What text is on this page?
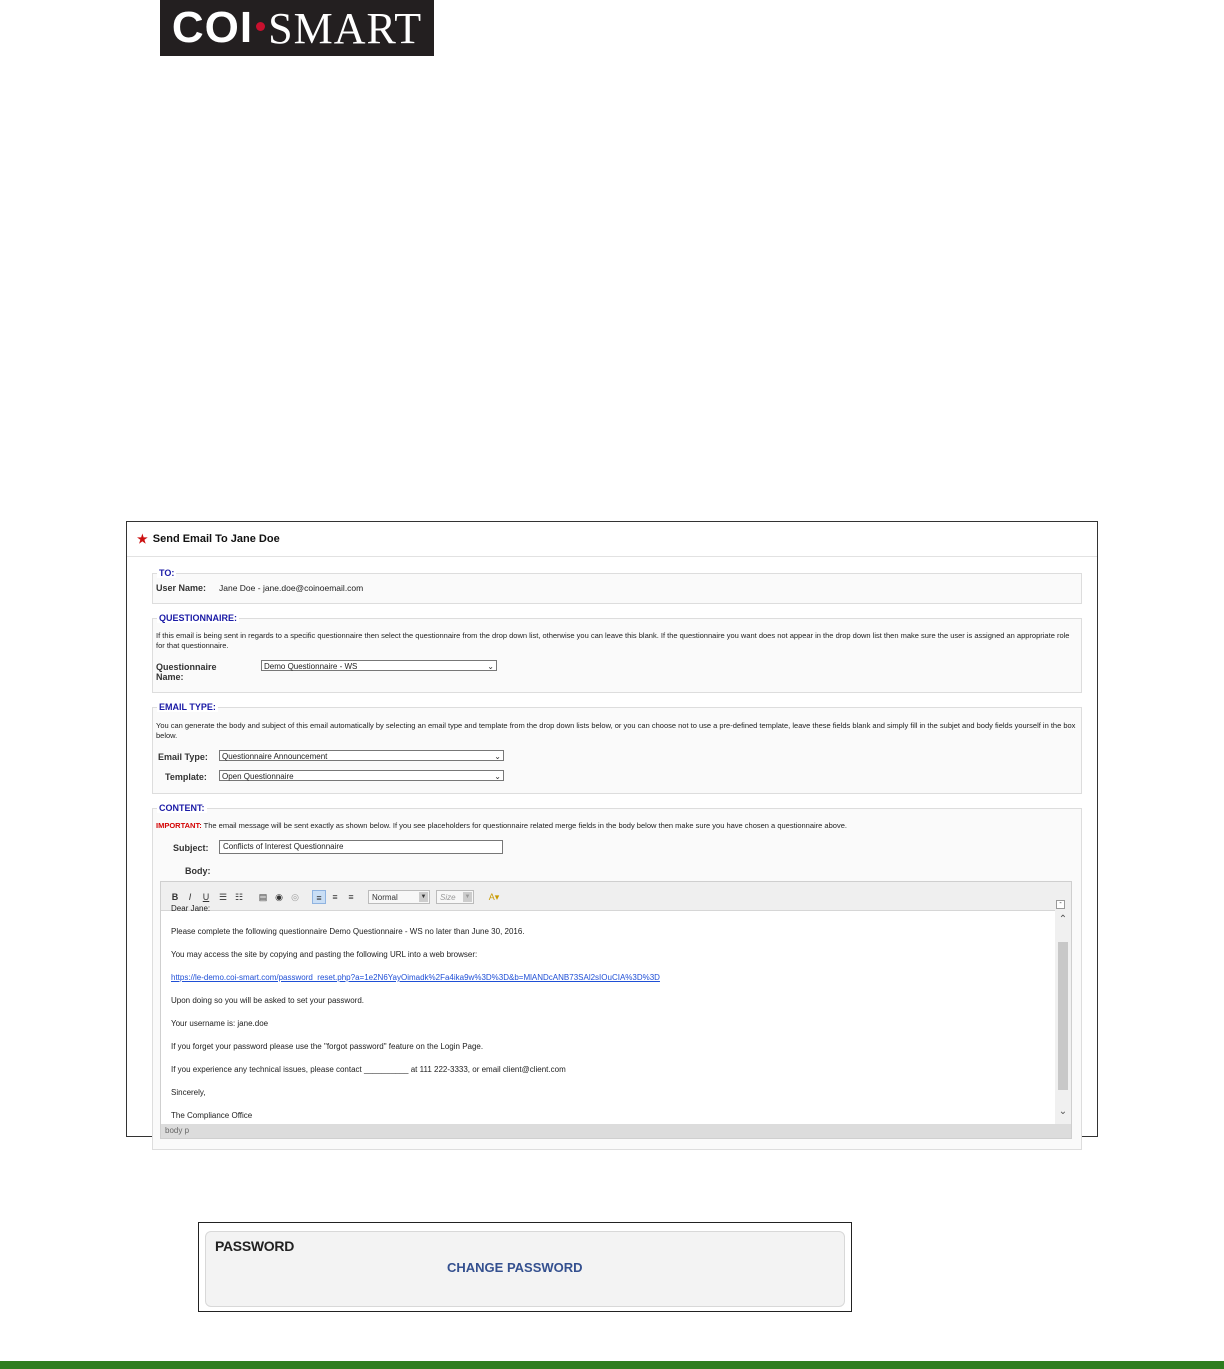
COI SMART
★ Send Email To Jane Doe
TO:
User Name: Jane Doe - jane.doe@coinoemail.com
QUESTIONNAIRE:
If this email is being sent in regards to a specific questionnaire then select the questionnaire from the drop down list, otherwise you can leave this blank. If the questionnaire you want does not appear in the drop down list then make sure the user is assigned an appropriate role for that questionnaire.
Questionnaire Name:
Demo Questionnaire - WS	⌄
EMAIL TYPE:
You can generate the body and subject of this email automatically by selecting an email type and template from the drop down lists below, or you can choose not to use a pre-defined template, leave these fields blank and simply fill in the subjet and body fields yourself in the box below.
Email Type:	Questionnaire Announcement	⌄
Template:	Open Questionnaire	⌄
CONTENT:
IMPORTANT: The email message will be sent exactly as shown below. If you see placeholders for questionnaire related merge fields in the body below then make sure you have chosen a questionnaire above.
Subject:	Conflicts of Interest Questionnaire
Body:
B	I	U	☰ ☷	▤ ◉ ◎	≡	≡	≡	Normal	▼	Size ▼	A▾
-

Dear Jane:

Please complete the following questionnaire Demo Questionnaire - WS no later than June 30, 2016.

You may access the site by copying and pasting the following URL into a web browser:

https://le-demo.coi-smart.com/password_reset.php?a=1e2N6YayOimadk%2Fa4ika9w%3D%3D&b=MlANDcANB73SAl2sIOuCIA%3D%3D

Upon doing so you will be asked to set your password.

Your username is: jane.doe

If you forget your password please use the "forgot password" feature on the Login Page.

If you experience any technical issues, please contact __________ at 111 222-3333, or email client@client.com

Sincerely,

The Compliance Office

⌃
⌄
body p
PASSWORD
CHANGE PASSWORD
